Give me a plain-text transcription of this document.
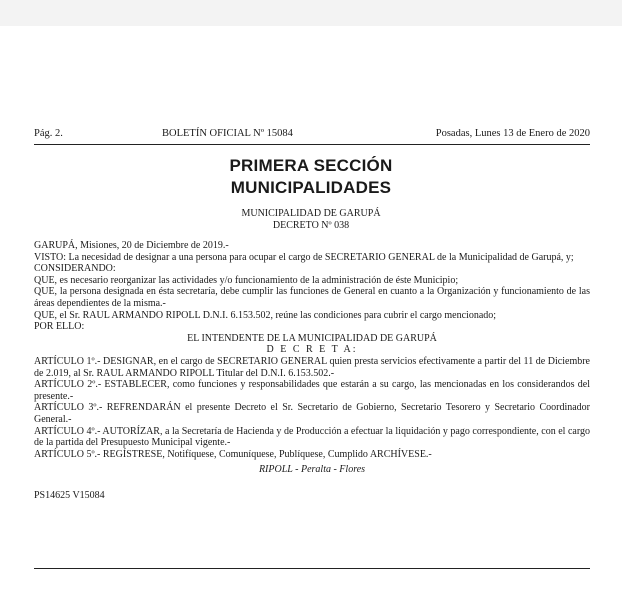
Pág. 2.	BOLETÍN OFICIAL Nº 15084	Posadas, Lunes 13 de Enero de 2020
PRIMERA SECCIÓN
MUNICIPALIDADES
MUNICIPALIDAD DE GARUPÁ
DECRETO Nº 038

GARUPÁ, Misiones, 20 de Diciembre de 2019.-

VISTO: La necesidad de designar a una persona para ocupar el cargo de SECRETARIO GENERAL de la Municipalidad de Garupá, y;

CONSIDERANDO:

QUE, es necesario reorganizar las actividades y/o funcionamiento de la administración de éste Municipio;

QUE, la persona designada en ésta secretaría, debe cumplir las funciones de General en cuanto a la Organización y funcionamiento de las áreas dependientes de la misma.-

QUE, el Sr. RAUL ARMANDO RIPOLL D.N.I. 6.153.502, reúne las condiciones para cubrir el cargo mencionado;

POR ELLO:

EL INTENDENTE DE LA MUNICIPALIDAD DE GARUPÁ

D E C R E T A:

ARTÍCULO 1º.- DESIGNAR, en el cargo de SECRETARIO GENERAL quien presta servicios efectivamente a partir del 11 de Diciembre de 2.019, al Sr. RAUL ARMANDO RIPOLL Titular del D.N.I. 6.153.502.-

ARTÍCULO 2º.- ESTABLECER, como funciones y responsabilidades que estarán a su cargo, las mencionadas en los considerandos del presente.-

ARTÍCULO 3º.- REFRENDARÁN el presente Decreto el Sr. Secretario de Gobierno, Secretario Tesorero y Secretario Coordinador General.-

ARTÍCULO 4º.- AUTORÍZAR, a la Secretaría de Hacienda y de Producción a efectuar la liquidación y pago correspondiente, con el cargo de la partida del Presupuesto Municipal vigente.-

ARTÍCULO 5º.- REGÍSTRESE, Notifíquese, Comuníquese, Publíquese, Cumplido ARCHÍVESE.-

RIPOLL - Peralta - Flores

PS14625 V15084
